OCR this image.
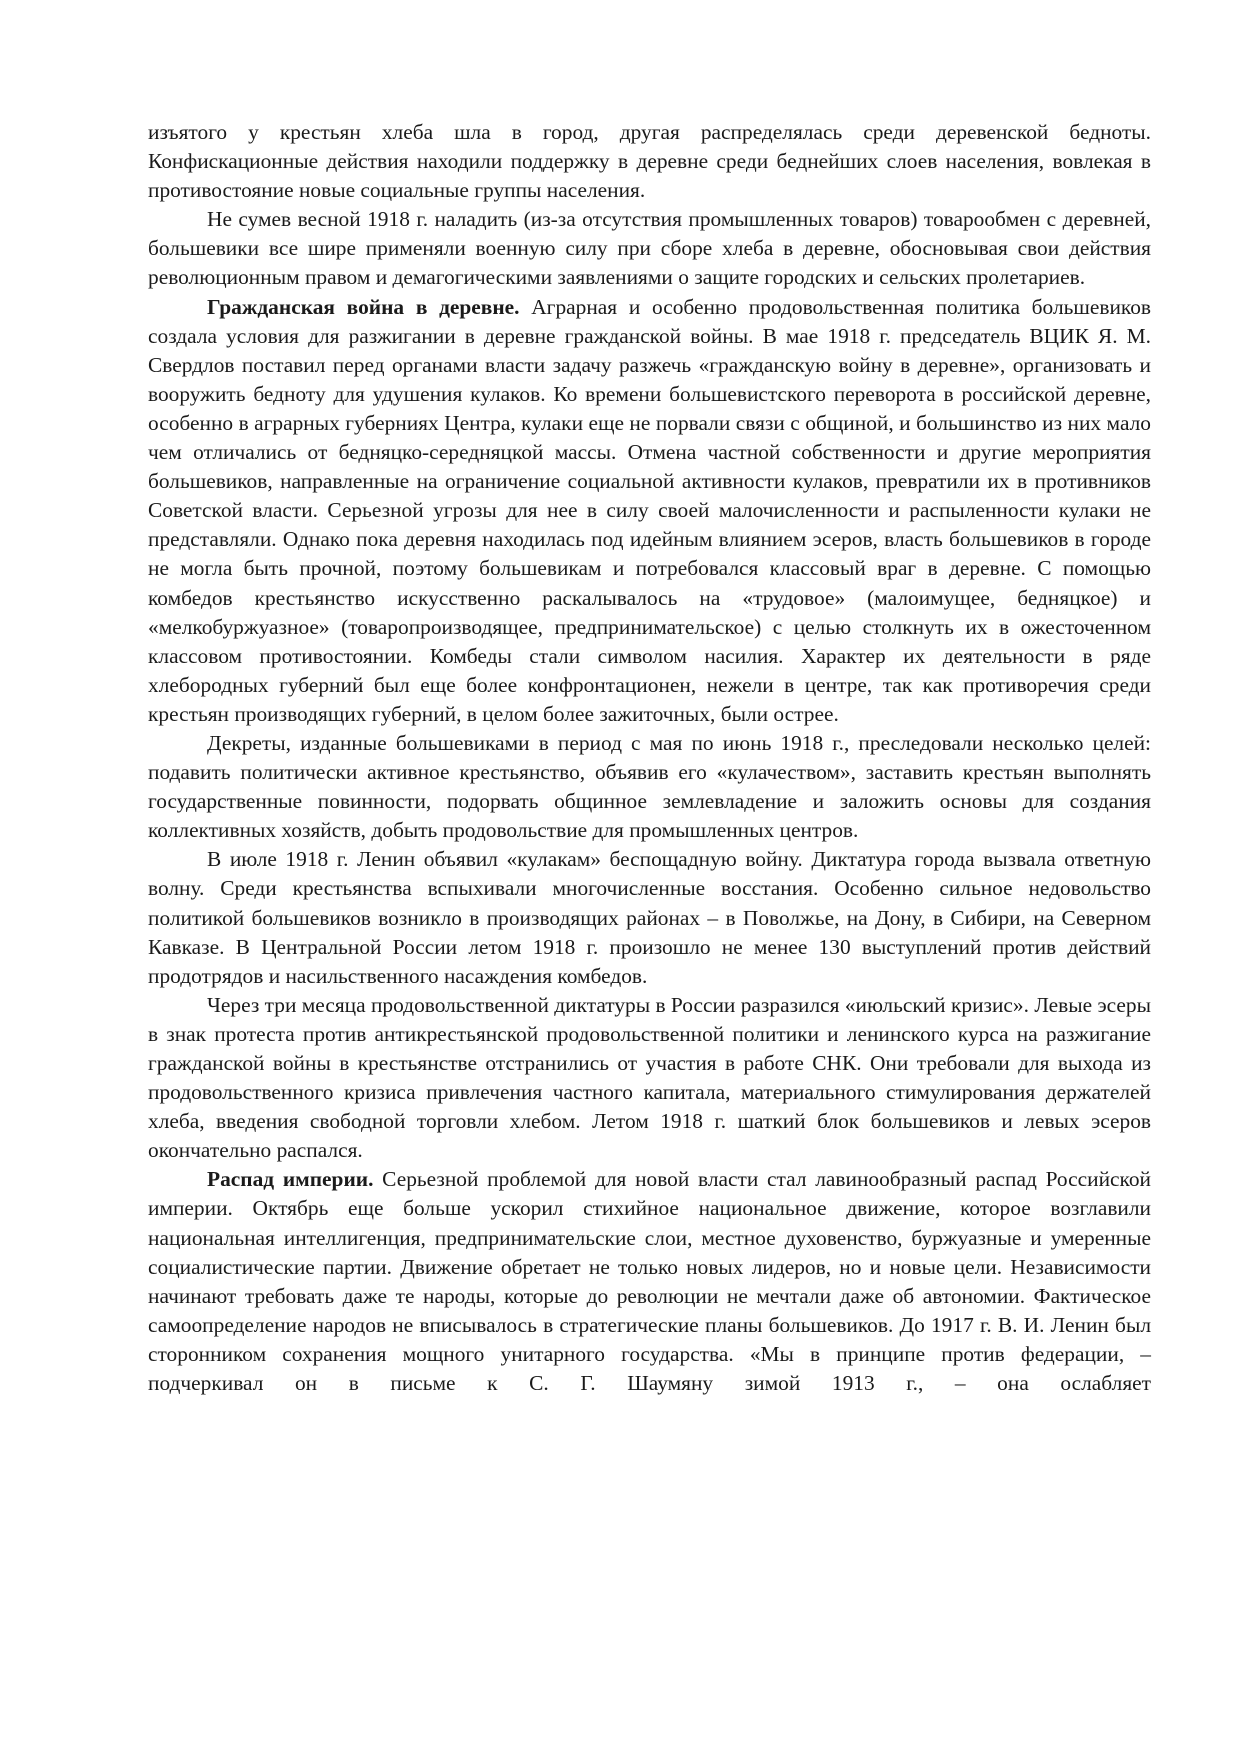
изъятого у крестьян хлеба шла в город, другая распределялась среди деревенской бедноты. Конфискационные действия находили поддержку в деревне среди беднейших слоев населения, вовлекая в противостояние новые социальные группы населения.

Не сумев весной 1918 г. наладить (из-за отсутствия промышленных товаров) товарообмен с деревней, большевики все шире применяли военную силу при сборе хлеба в деревне, обосновывая свои действия революционным правом и демагогическими заявлениями о защите городских и сельских пролетариев.

Гражданская война в деревне. Аграрная и особенно продовольственная политика большевиков создала условия для разжигании в деревне гражданской войны. В мае 1918 г. председатель ВЦИК Я. М. Свердлов поставил перед органами власти задачу разжечь «гражданскую войну в деревне», организовать и вооружить бедноту для удушения кулаков. Ко времени большевистского переворота в российской деревне, особенно в аграрных губерниях Центра, кулаки еще не порвали связи с общиной, и большинство из них мало чем отличались от бедняцко-середняцкой массы. Отмена частной собственности и другие мероприятия большевиков, направленные на ограничение социальной активности кулаков, превратили их в противников Советской власти. Серьезной угрозы для нее в силу своей малочисленности и распыленности кулаки не представляли. Однако пока деревня находилась под идейным влиянием эсеров, власть большевиков в городе не могла быть прочной, поэтому большевикам и потребовался классовый враг в деревне. С помощью комбедов крестьянство искусственно раскалывалось на «трудовое» (малоимущее, бедняцкое) и «мелкобуржуазное» (товаропроизводящее, предпринимательское) с целью столкнуть их в ожесточенном классовом противостоянии. Комбеды стали символом насилия. Характер их деятельности в ряде хлебородных губерний был еще более конфронтационен, нежели в центре, так как противоречия среди крестьян производящих губерний, в целом более зажиточных, были острее.

Декреты, изданные большевиками в период с мая по июнь 1918 г., преследовали несколько целей: подавить политически активное крестьянство, объявив его «кулачеством», заставить крестьян выполнять государственные повинности, подорвать общинное землевладение и заложить основы для создания коллективных хозяйств, добыть продовольствие для промышленных центров.

В июле 1918 г. Ленин объявил «кулакам» беспощадную войну. Диктатура города вызвала ответную волну. Среди крестьянства вспыхивали многочисленные восстания. Особенно сильное недовольство политикой большевиков возникло в производящих районах – в Поволжье, на Дону, в Сибири, на Северном Кавказе. В Центральной России летом 1918 г. произошло не менее 130 выступлений против действий продотрядов и насильственного насаждения комбедов.

Через три месяца продовольственной диктатуры в России разразился «июльский кризис». Левые эсеры в знак протеста против антикрестьянской продовольственной политики и ленинского курса на разжигание гражданской войны в крестьянстве отстранились от участия в работе СНК. Они требовали для выхода из продовольственного кризиса привлечения частного капитала, материального стимулирования держателей хлеба, введения свободной торговли хлебом. Летом 1918 г. шаткий блок большевиков и левых эсеров окончательно распался.

Распад империи. Серьезной проблемой для новой власти стал лавинообразный распад Российской империи. Октябрь еще больше ускорил стихийное национальное движение, которое возглавили национальная интеллигенция, предпринимательские слои, местное духовенство, буржуазные и умеренные социалистические партии. Движение обретает не только новых лидеров, но и новые цели. Независимости начинают требовать даже те народы, которые до революции не мечтали даже об автономии. Фактическое самоопределение народов не вписывалось в стратегические планы большевиков. До 1917 г. В. И. Ленин был сторонником сохранения мощного унитарного государства. «Мы в принципе против федерации, – подчеркивал он в письме к С. Г. Шаумяну зимой 1913 г., – она ослабляет
